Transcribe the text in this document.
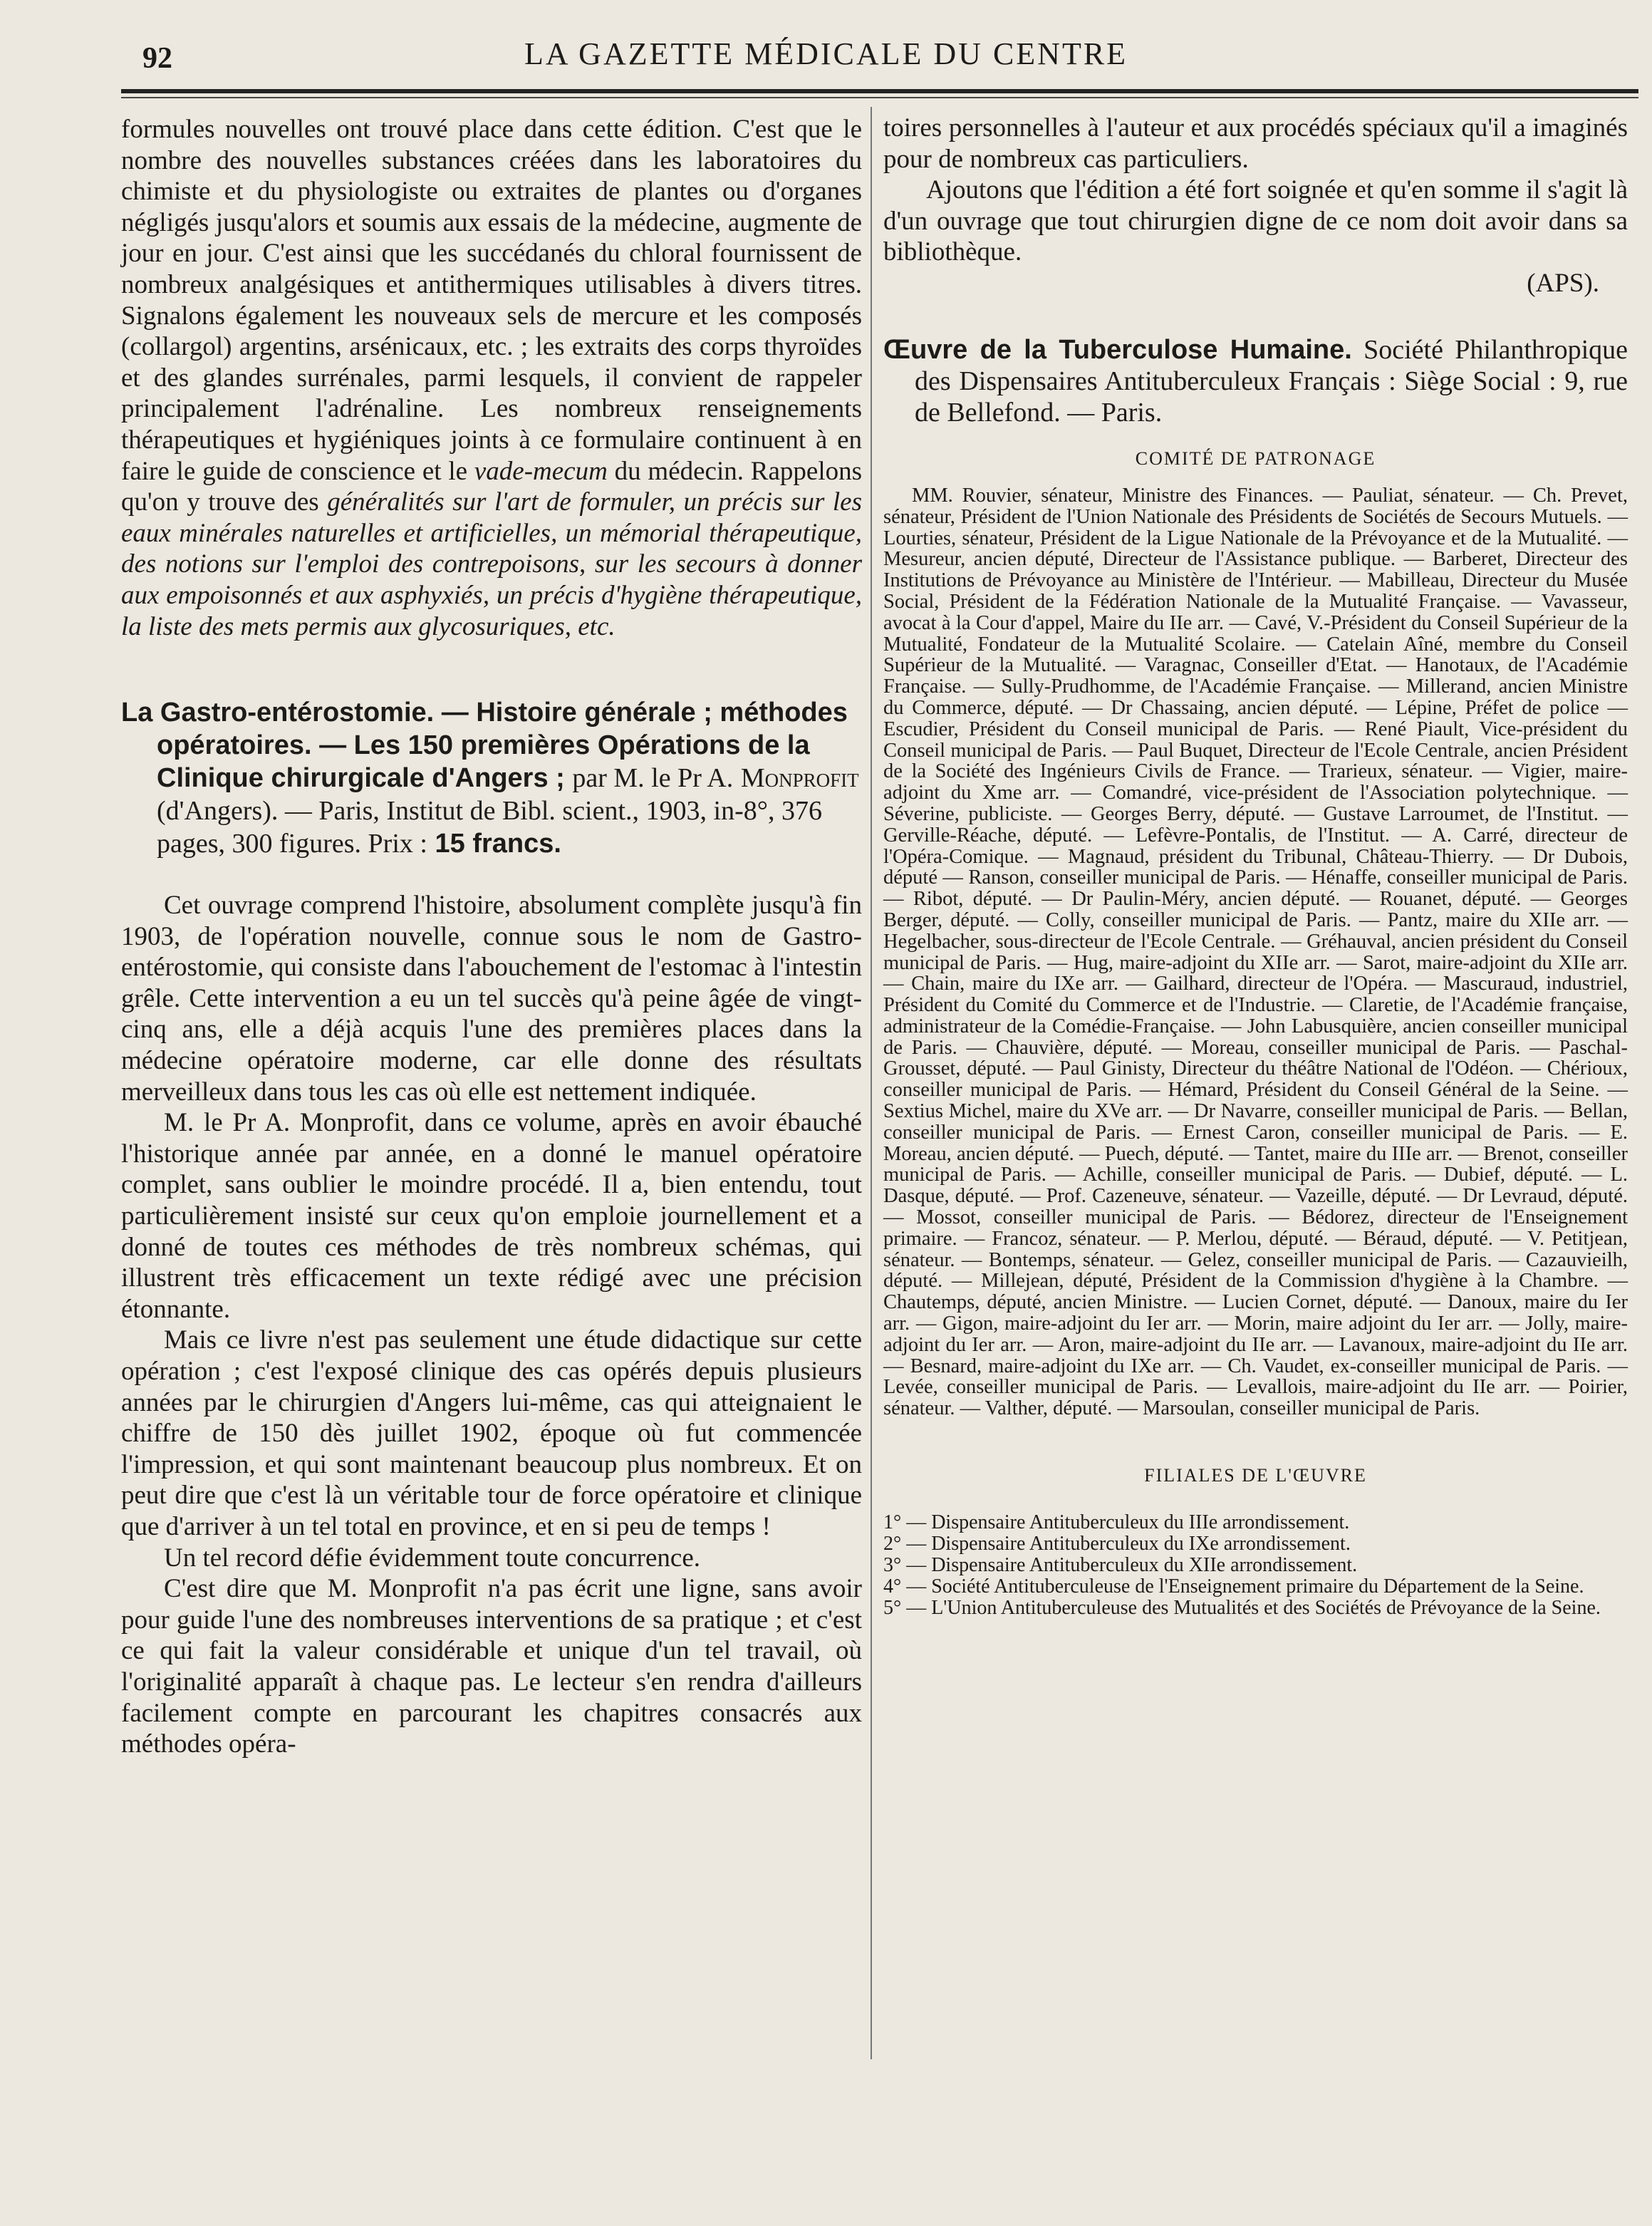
92	LA GAZETTE MÉDICALE DU CENTRE

formules nouvelles ont trouvé place dans cette édition. C'est que le nombre des nouvelles substances créées dans les laboratoires du chimiste et du physiologiste ou extraites de plantes ou d'organes négligés jusqu'alors et soumis aux essais de la médecine, augmente de jour en jour. C'est ainsi que les succédanés du chloral fournissent de nombreux analgésiques et antithermiques utilisables à divers titres. Signalons également les nouveaux sels de mercure et les composés (collargol) argentins, arsénicaux, etc. ; les extraits des corps thyroïdes et des glandes surrénales, parmi lesquels, il convient de rappeler principalement l'adrénaline. Les nombreux renseignements thérapeutiques et hygiéniques joints à ce formulaire continuent à en faire le guide de conscience et le vade-mecum du médecin. Rappelons qu'on y trouve des généralités sur l'art de formuler, un précis sur les eaux minérales naturelles et artificielles, un mémorial thérapeutique, des notions sur l'emploi des contrepoisons, sur les secours à donner aux empoisonnés et aux asphyxiés, un précis d'hygiène thérapeutique, la liste des mets permis aux glycosuriques, etc.

La Gastro-entérostomie. — Histoire générale ; méthodes opératoires. — Les 150 premières Opérations de la Clinique chirurgicale d'Angers ; par M. le Pr A. Monprofit (d'Angers). — Paris, Institut de Bibl. scient., 1903, in-8°, 376 pages, 300 figures. Prix : 15 francs.

Cet ouvrage comprend l'histoire, absolument complète jusqu'à fin 1903, de l'opération nouvelle, connue sous le nom de Gastro-entérostomie, qui consiste dans l'abouchement de l'estomac à l'intestin grêle. Cette intervention a eu un tel succès qu'à peine âgée de vingt-cinq ans, elle a déjà acquis l'une des premières places dans la médecine opératoire moderne, car elle donne des résultats merveilleux dans tous les cas où elle est nettement indiquée.

M. le Pr A. Monprofit, dans ce volume, après en avoir ébauché l'historique année par année, en a donné le manuel opératoire complet, sans oublier le moindre procédé. Il a, bien entendu, tout particulièrement insisté sur ceux qu'on emploie journellement et a donné de toutes ces méthodes de très nombreux schémas, qui illustrent très efficacement un texte rédigé avec une précision étonnante.

Mais ce livre n'est pas seulement une étude didactique sur cette opération ; c'est l'exposé clinique des cas opérés depuis plusieurs années par le chirurgien d'Angers lui-même, cas qui atteignaient le chiffre de 150 dès juillet 1902, époque où fut commencée l'impression, et qui sont maintenant beaucoup plus nombreux. Et on peut dire que c'est là un véritable tour de force opératoire et clinique que d'arriver à un tel total en province, et en si peu de temps !

Un tel record défie évidemment toute concurrence.

C'est dire que M. Monprofit n'a pas écrit une ligne, sans avoir pour guide l'une des nombreuses interventions de sa pratique ; et c'est ce qui fait la valeur considérable et unique d'un tel travail, où l'originalité apparaît à chaque pas. Le lecteur s'en rendra d'ailleurs facilement compte en parcourant les chapitres consacrés aux méthodes opéra-

toires personnelles à l'auteur et aux procédés spéciaux qu'il a imaginés pour de nombreux cas particuliers.

Ajoutons que l'édition a été fort soignée et qu'en somme il s'agit là d'un ouvrage que tout chirurgien digne de ce nom doit avoir dans sa bibliothèque.

(APS).

Œuvre de la Tuberculose Humaine. Société Philanthropique des Dispensaires Antituberculeux Français : Siège Social : 9, rue de Bellefond. — Paris.

COMITÉ DE PATRONAGE

MM. Rouvier, sénateur, Ministre des Finances. — Pauliat, sénateur. — Ch. Prevet, sénateur, Président de l'Union Nationale des Présidents de Sociétés de Secours Mutuels. — Lourties, sénateur, Président de la Ligue Nationale de la Prévoyance et de la Mutualité. — Mesureur, ancien député, Directeur de l'Assistance publique. — Barberet, Directeur des Institutions de Prévoyance au Ministère de l'Intérieur. — Mabilleau, Directeur du Musée Social, Président de la Fédération Nationale de la Mutualité Française. — Vavasseur, avocat à la Cour d'appel, Maire du IIe arr. — Cavé, V.-Président du Conseil Supérieur de la Mutualité, Fondateur de la Mutualité Scolaire. — Catelain Aîné, membre du Conseil Supérieur de la Mutualité. — Varagnac, Conseiller d'Etat. — Hanotaux, de l'Académie Française. — Sully-Prudhomme, de l'Académie Française. — Millerand, ancien Ministre du Commerce, député. — Dr Chassaing, ancien député. — Lépine, Préfet de police — Escudier, Président du Conseil municipal de Paris. — René Piault, Vice-président du Conseil municipal de Paris. — Paul Buquet, Directeur de l'Ecole Centrale, ancien Président de la Société des Ingénieurs Civils de France. — Trarieux, sénateur. — Vigier, maire-adjoint du Xme arr. — Comandré, vice-président de l'Association polytechnique. — Séverine, publiciste. — Georges Berry, député. — Gustave Larroumet, de l'Institut. — Gerville-Réache, député. — Lefèvre-Pontalis, de l'Institut. — A. Carré, directeur de l'Opéra-Comique. — Magnaud, président du Tribunal, Château-Thierry. — Dr Dubois, député — Ranson, conseiller municipal de Paris. — Hénaffe, conseiller municipal de Paris. — Ribot, député. — Dr Paulin-Méry, ancien député. — Rouanet, député. — Georges Berger, député. — Colly, conseiller municipal de Paris. — Pantz, maire du XIIe arr. — Hegelbacher, sous-directeur de l'Ecole Centrale. — Gréhauval, ancien président du Conseil municipal de Paris. — Hug, maire-adjoint du XIIe arr. — Sarot, maire-adjoint du XIIe arr. — Chain, maire du IXe arr. — Gailhard, directeur de l'Opéra. — Mascuraud, industriel, Président du Comité du Commerce et de l'Industrie. — Claretie, de l'Académie française, administrateur de la Comédie-Française. — John Labusquière, ancien conseiller municipal de Paris. — Chauvière, député. — Moreau, conseiller municipal de Paris. — Paschal-Grousset, député. — Paul Ginisty, Directeur du théâtre National de l'Odéon. — Chérioux, conseiller municipal de Paris. — Hémard, Président du Conseil Général de la Seine. — Sextius Michel, maire du XVe arr. — Dr Navarre, conseiller municipal de Paris. — Bellan, conseiller municipal de Paris. — Ernest Caron, conseiller municipal de Paris. — E. Moreau, ancien député. — Puech, député. — Tantet, maire du IIIe arr. — Brenot, conseiller municipal de Paris. — Achille, conseiller municipal de Paris. — Dubief, député. — L. Dasque, député. — Prof. Cazeneuve, sénateur. — Vazeille, député. — Dr Levraud, député. — Mossot, conseiller municipal de Paris. — Bédorez, directeur de l'Enseignement primaire. — Francoz, sénateur. — P. Merlou, député. — Béraud, député. — V. Petitjean, sénateur. — Bontemps, sénateur. — Gelez, conseiller municipal de Paris. — Cazauvieilh, député. — Millejean, député, Président de la Commission d'hygiène à la Chambre. — Chautemps, député, ancien Ministre. — Lucien Cornet, député. — Danoux, maire du Ier arr. — Gigon, maire-adjoint du Ier arr. — Morin, maire adjoint du Ier arr. — Jolly, maire-adjoint du Ier arr. — Aron, maire-adjoint du IIe arr. — Lavanoux, maire-adjoint du IIe arr. — Besnard, maire-adjoint du IXe arr. — Ch. Vaudet, ex-conseiller municipal de Paris. — Levée, conseiller municipal de Paris. — Levallois, maire-adjoint du IIe arr. — Poirier, sénateur. — Valther, député. — Marsoulan, conseiller municipal de Paris.

FILIALES DE L'ŒUVRE

1° — Dispensaire Antituberculeux du IIIe arrondissement.
2° — Dispensaire Antituberculeux du IXe arrondissement.
3° — Dispensaire Antituberculeux du XIIe arrondissement.
4° — Société Antituberculeuse de l'Enseignement primaire du Département de la Seine.
5° — L'Union Antituberculeuse des Mutualités et des Sociétés de Prévoyance de la Seine.
